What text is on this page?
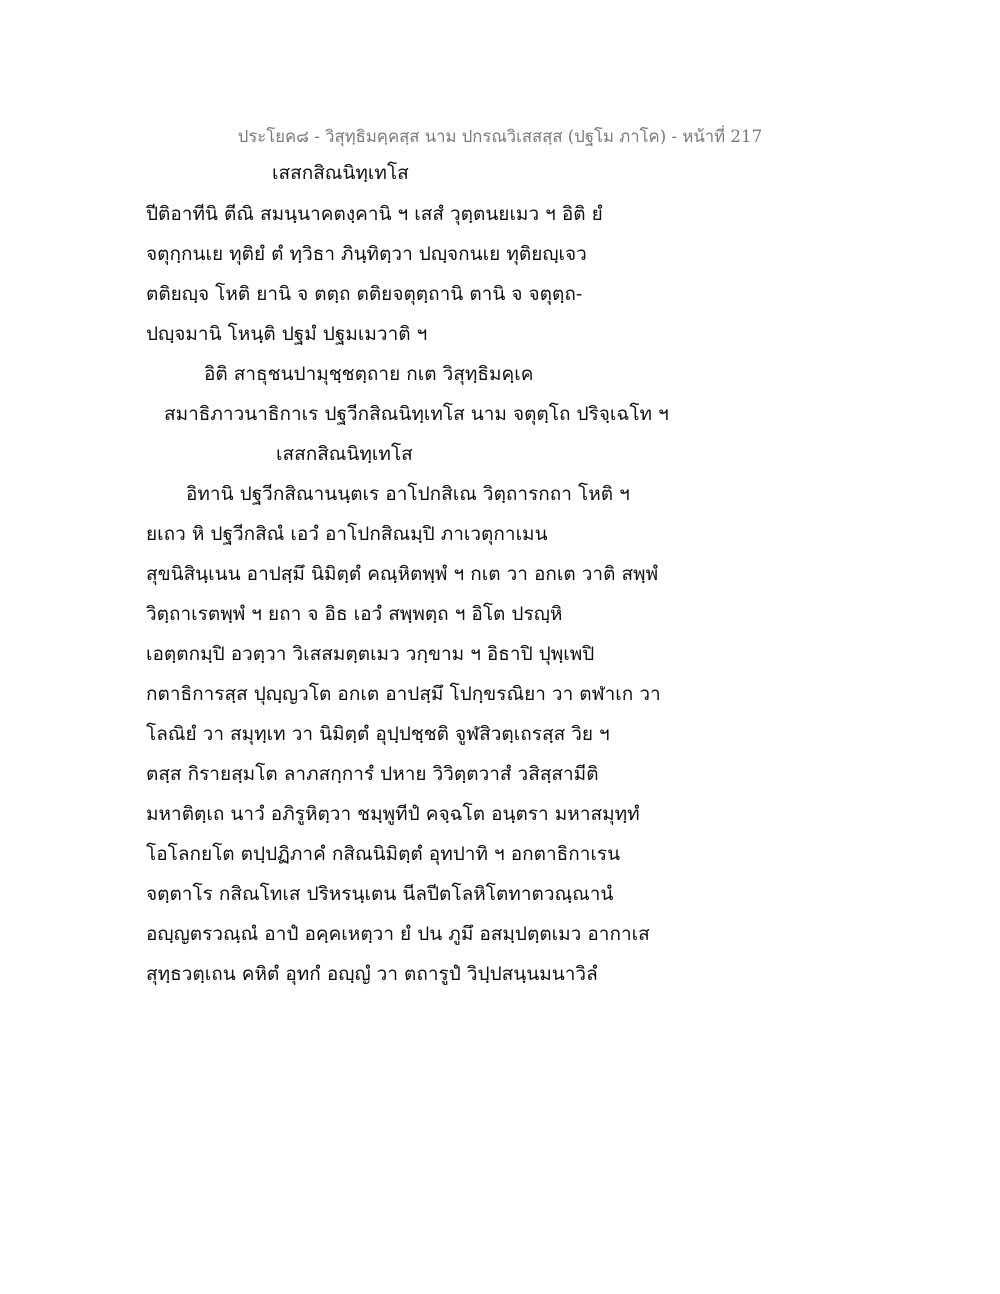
ประโยค๘ - วิสุทฺธิมคฺคสฺส นาม ปกรณวิเสสสฺส (ปฐโม ภาโค) - หน้าที่ 217
เสสกสิณนิทฺเทโส
ปีติอาทีนิ ตีณิ สมนฺนาคตงฺคานิ ฯ เสสํ วุตฺตนยเมว ฯ อิติ ยํ
จตุกฺกนเย ทุติยํ ตํ ทฺวิธา ภินฺทิตฺวา ปญฺจกนเย ทุติยญฺเจว
ตติยญฺจ โหติ ยานิ จ ตตฺถ ตติยจตุตฺถานิ ตานิ จ จตุตฺถ-
ปญฺจมานิ โหนฺติ ปฐมํ ปฐมเมวาติ ฯ
อิติ สาธุชนปามุชฺชตฺถาย กเต วิสุทฺธิมคฺเค
สมาธิภาวนาธิกาเร ปฐวีกสิณนิทฺเทโส นาม จตุตฺโถ ปริจฺเฉโท ฯ
เสสกสิณนิทฺเทโส
อิทานิ ปฐวีกสิณานนฺตเร อาโปกสิเณ วิตฺถารกถา โหติ ฯ
ยเถว หิ ปฐวีกสิณํ เอวํ อาโปกสิณมฺปิ ภาเวตุกาเมน
สุขนิสินฺเนน อาปสฺมึ นิมิตฺตํ คณฺหิตพฺพํ ฯ กเต วา อกเต วาติ สพฺพํ
วิตฺถาเรตพฺพํ ฯ ยถา จ อิธ เอวํ สพฺพตฺถ ฯ อิโต ปรญฺหิ
เอตฺตกมฺปิ อวตฺวา วิเสสมตฺตเมว วกฺขาม ฯ อิธาปิ ปุพฺเพปิ
กตาธิการสฺส ปุญฺญวโต อกเต อาปสฺมึ โปกฺขรณิยา วา ตฬาเก วา
โลณิยํ วา สมุทฺเท วา นิมิตฺตํ อุปฺปชฺชติ จูฬสิวตฺเถรสฺส วิย ฯ
ตสฺส กิรายสฺมโต ลาภสกฺการํ ปหาย วิวิตฺตวาสํ วสิสฺสามีติ
มหาติตฺเถ นาวํ อภิรูหิตฺวา ชมฺพูทีปํ คจฺฉโต อนฺตรา มหาสมุทฺทํ
โอโลกยโต ตปฺปฏิภาคํ กสิณนิมิตฺตํ อุทปาทิ ฯ อกตาธิกาเรน
จตฺตาโร กสิณโทเส ปริหรนฺเตน นีลปีตโลหิโตทาตวณฺณานํ
อญฺญตรวณฺณํ อาปํ อคฺคเหตฺวา ยํ ปน ภูมึ อสมฺปตฺตเมว อากาเส
สุทฺธวตฺเถน คหิตํ อุทกํ อญฺญํ วา ตถารูปํ วิปฺปสนฺนมนาวิลํ
